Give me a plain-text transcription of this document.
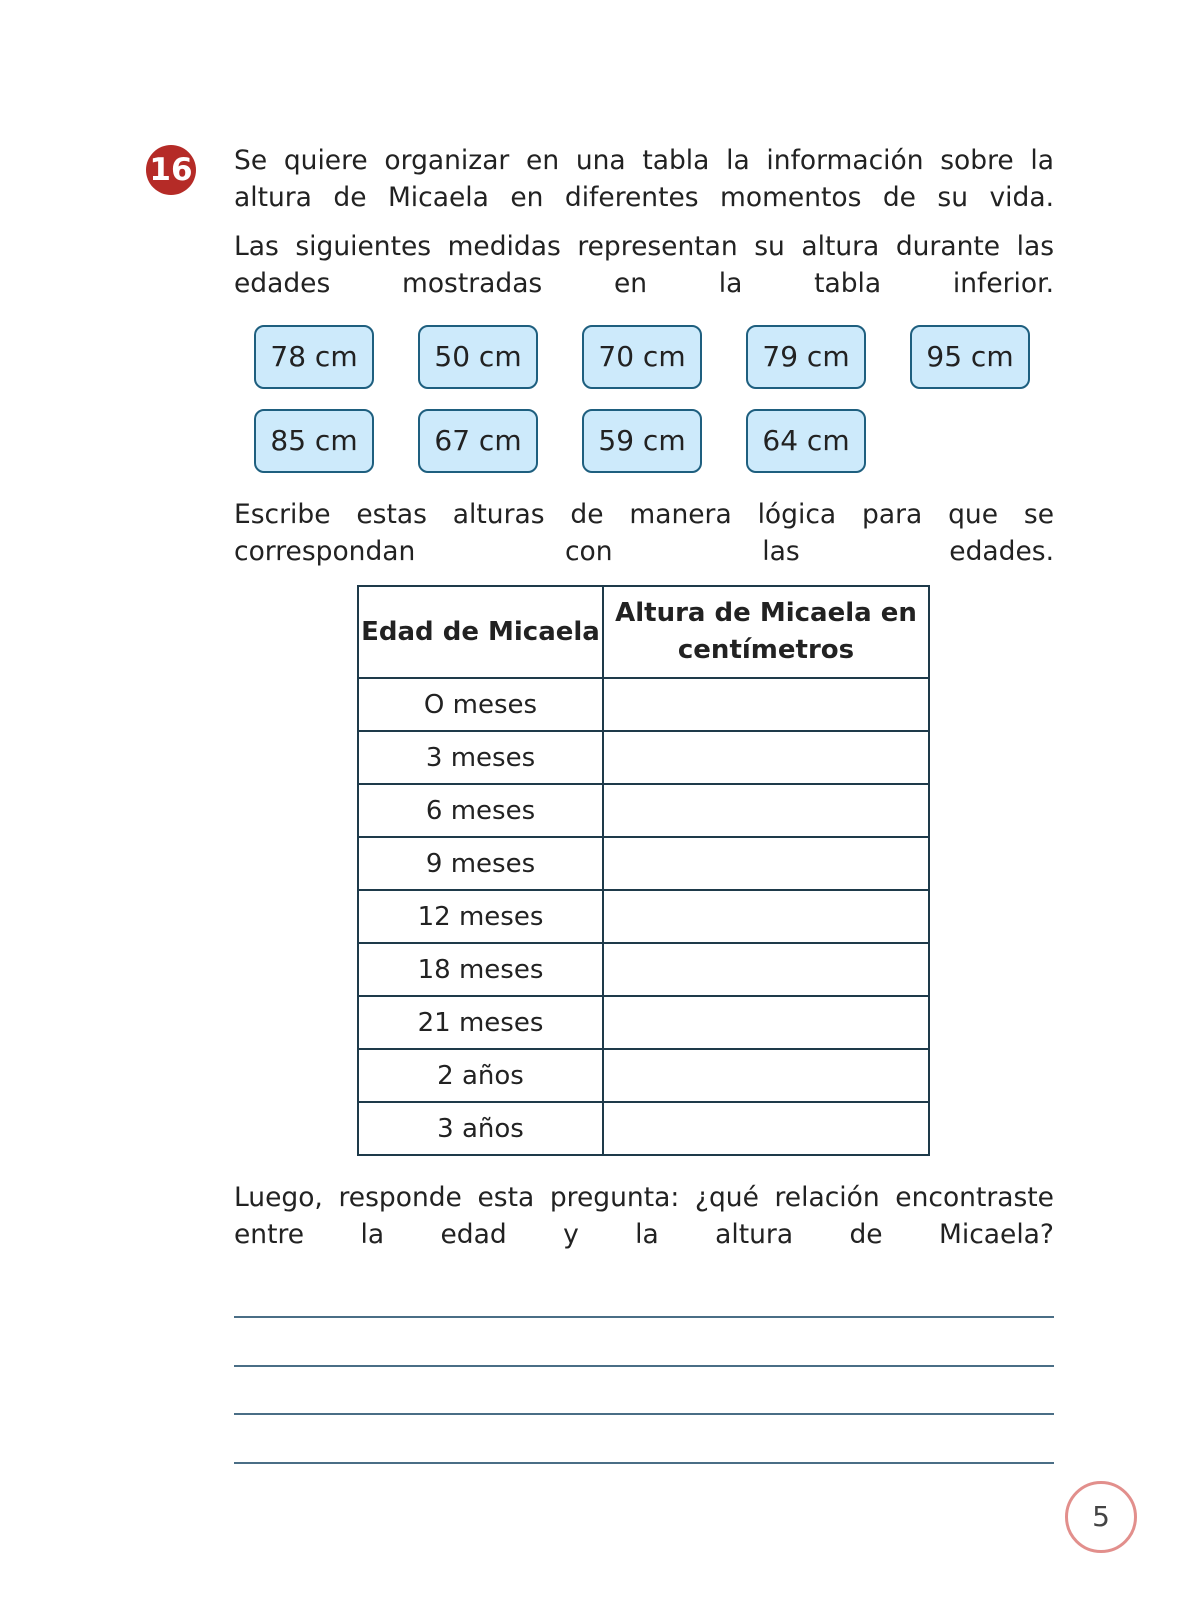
16 Se quiere organizar en una tabla la información sobre la altura de Micaela en diferentes momentos de su vida.

Las siguientes medidas representan su altura durante las edades mostradas en la tabla inferior.

78 cm	50 cm	70 cm	79 cm	95 cm
85 cm	67 cm	59 cm	64 cm

Escribe estas alturas de manera lógica para que se correspondan con las edades.

Edad de Micaela	Altura de Micaela en centímetros
O meses	
3 meses	
6 meses	
9 meses	
12 meses	
18 meses	
21 meses	
2 años	
3 años	

Luego, responde esta pregunta: ¿qué relación encontraste entre la edad y la altura de Micaela?

5
